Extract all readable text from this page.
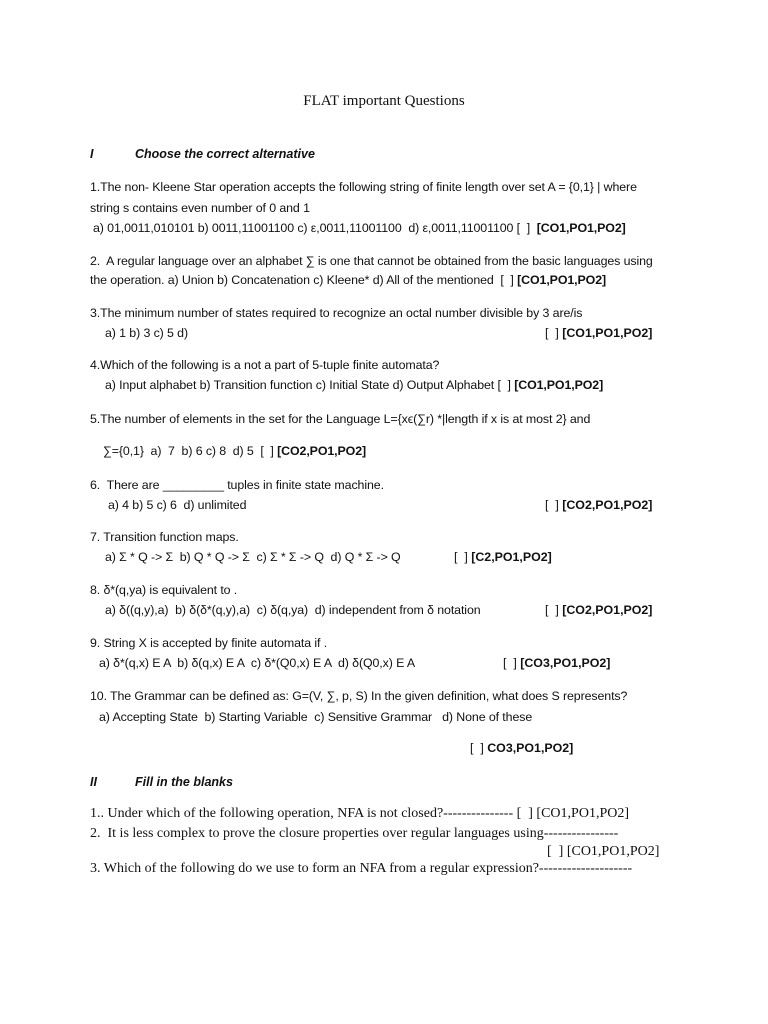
FLAT important Questions
I	Choose the correct alternative
1.The non- Kleene Star operation accepts the following string of finite length over set A = {0,1} | where
string s contains even number of 0 and 1
a) 01,0011,010101 b) 0011,11001100 c) ε,0011,11001100  d) ε,0011,11001100 [  ] [CO1,PO1,PO2]
2.  A regular language over an alphabet ∑ is one that cannot be obtained from the basic languages using
the operation. a) Union b) Concatenation c) Kleene* d) All of the mentioned  [  ] [CO1,PO1,PO2]
3.The minimum number of states required to recognize an octal number divisible by 3 are/is
a) 1 b) 3 c) 5 d)	[  ] [CO1,PO1,PO2]
4.Which of the following is a not a part of 5-tuple finite automata?
a) Input alphabet b) Transition function c) Initial State d) Output Alphabet [  ] [CO1,PO1,PO2]
5.The number of elements in the set for the Language L={xϵ(∑r) *|length if x is at most 2} and
∑={0,1}  a)  7  b) 6 c) 8  d) 5  [  ] [CO2,PO1,PO2]
6.  There are _________ tuples in finite state machine.
a) 4 b) 5 c) 6  d) unlimited	[  ] [CO2,PO1,PO2]
7. Transition function maps.
a) Σ * Q -> Σ  b) Q * Q -> Σ  c) Σ * Σ -> Q  d) Q * Σ -> Q	[  ] [C2,PO1,PO2]
8. δ*(q,ya) is equivalent to .
a) δ((q,y),a)  b) δ(δ*(q,y),a)  c) δ(q,ya)  d) independent from δ notation	[  ] [CO2,PO1,PO2]
9. String X is accepted by finite automata if .
a) δ*(q,x) E A  b) δ(q,x) E A  c) δ*(Q0,x) E A  d) δ(Q0,x) E A	[  ] [CO3,PO1,PO2]
10. The Grammar can be defined as: G=(V, ∑, p, S) In the given definition, what does S represents?
a) Accepting State  b) Starting Variable  c) Sensitive Grammar   d) None of these
[  ] CO3,PO1,PO2]
II	Fill in the blanks
1.. Under which of the following operation, NFA is not closed?--------------- [  ] [CO1,PO1,PO2]
2.  It is less complex to prove the closure properties over regular languages using----------------
[  ] [CO1,PO1,PO2]
3. Which of the following do we use to form an NFA from a regular expression?--------------------
